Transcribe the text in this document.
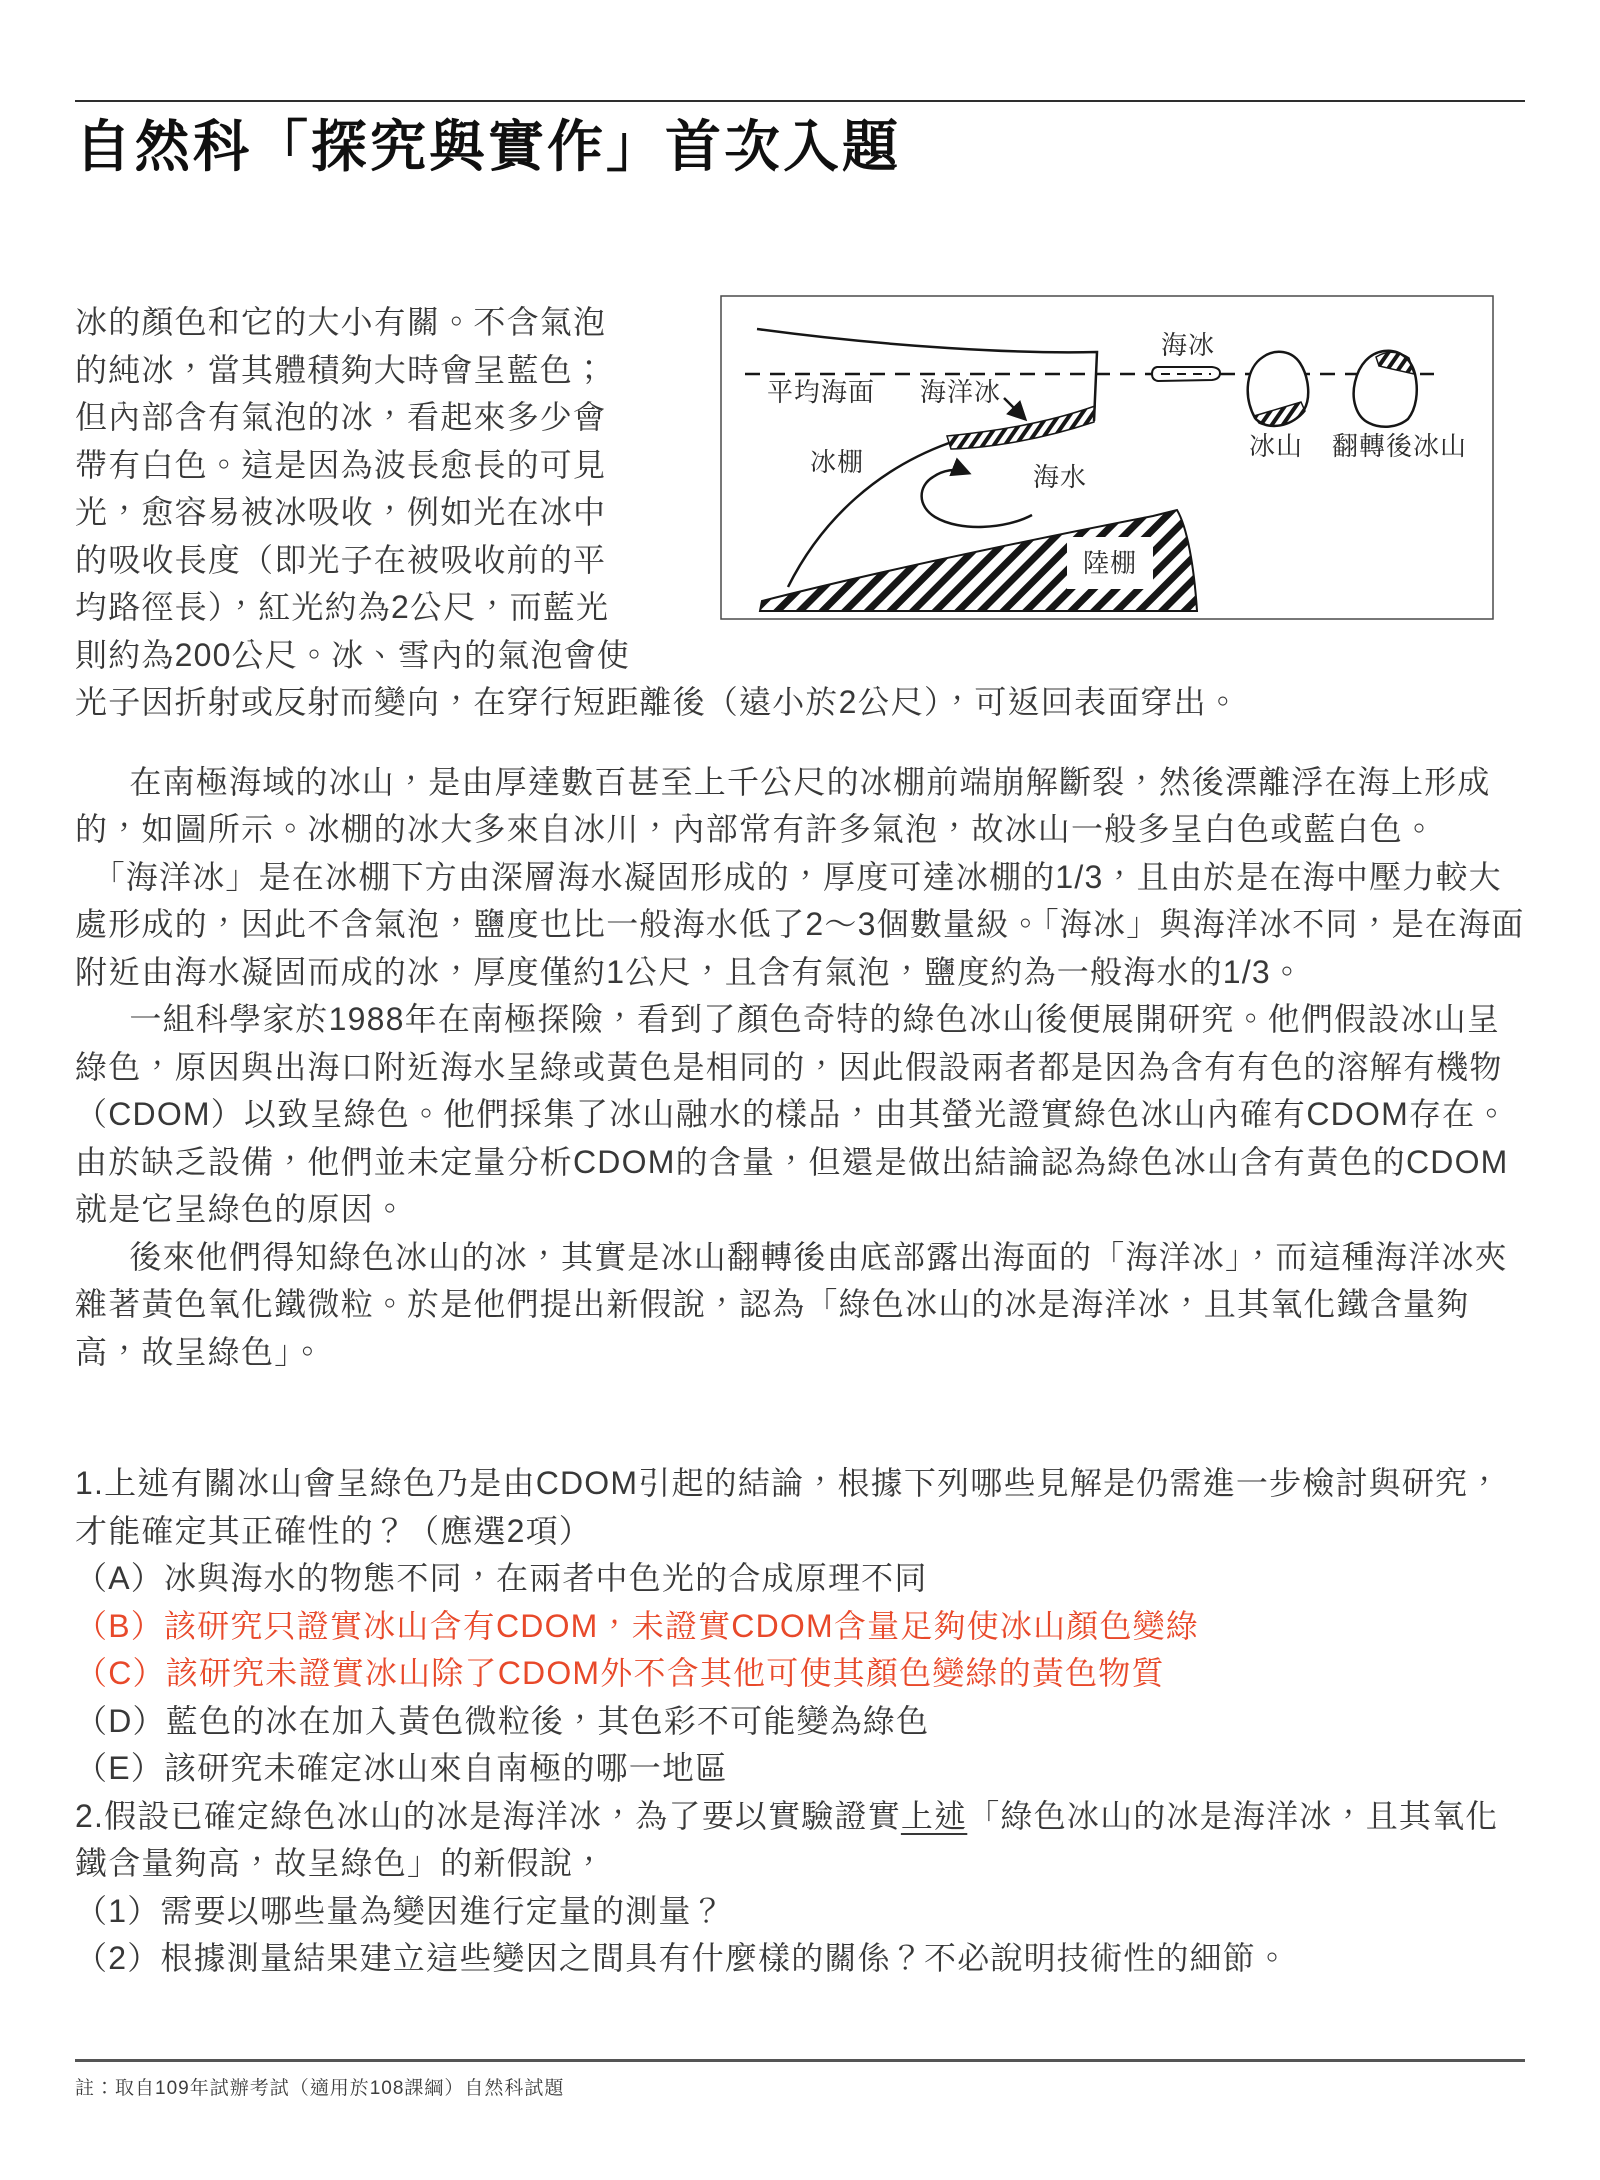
自然科「探究與實作」首次入題

平均海面 海洋冰
冰棚	海水
海冰
冰山 翻轉後冰山
陸棚
冰的顏色和它的大小有關。不含氣泡的純冰，當其體積夠大時會呈藍色；但內部含有氣泡的冰，看起來多少會帶有白色。這是因為波長愈長的可見光，愈容易被冰吸收，例如光在冰中的吸收長度（即光子在被吸收前的平均路徑長），紅光約為2公尺，而藍光則約為200公尺。冰、雪內的氣泡會使光子因折射或反射而變向，在穿行短距離後（遠小於2公尺），可返回表面穿出。

在南極海域的冰山，是由厚達數百甚至上千公尺的冰棚前端崩解斷裂，然後漂離浮在海上形成的，如圖所示。冰棚的冰大多來自冰川，內部常有許多氣泡，故冰山一般多呈白色或藍白色。

「海洋冰」是在冰棚下方由深層海水凝固形成的，厚度可達冰棚的1/3，且由於是在海中壓力較大處形成的，因此不含氣泡，鹽度也比一般海水低了2～3個數量級。「海冰」與海洋冰不同，是在海面附近由海水凝固而成的冰，厚度僅約1公尺，且含有氣泡，鹽度約為一般海水的1/3。

一組科學家於1988年在南極探險，看到了顏色奇特的綠色冰山後便展開研究。他們假設冰山呈綠色，原因與出海口附近海水呈綠或黃色是相同的，因此假設兩者都是因為含有有色的溶解有機物（CDOM）以致呈綠色。他們採集了冰山融水的樣品，由其螢光證實綠色冰山內確有CDOM存在。由於缺乏設備，他們並未定量分析CDOM的含量，但還是做出結論認為綠色冰山含有黃色的CDOM就是它呈綠色的原因。

後來他們得知綠色冰山的冰，其實是冰山翻轉後由底部露出海面的「海洋冰」，而這種海洋冰夾雜著黃色氧化鐵微粒。於是他們提出新假說，認為「綠色冰山的冰是海洋冰，且其氧化鐵含量夠高，故呈綠色」。

1.上述有關冰山會呈綠色乃是由CDOM引起的結論，根據下列哪些見解是仍需進一步檢討與研究，才能確定其正確性的？（應選2項）

（A）冰與海水的物態不同，在兩者中色光的合成原理不同

（B）該研究只證實冰山含有CDOM，未證實CDOM含量足夠使冰山顏色變綠

（C）該研究未證實冰山除了CDOM外不含其他可使其顏色變綠的黃色物質

（D）藍色的冰在加入黃色微粒後，其色彩不可能變為綠色

（E）該研究未確定冰山來自南極的哪一地區

2.假設已確定綠色冰山的冰是海洋冰，為了要以實驗證實上述「綠色冰山的冰是海洋冰，且其氧化鐵含量夠高，故呈綠色」的新假說，

（1）需要以哪些量為變因進行定量的測量？

（2）根據測量結果建立這些變因之間具有什麼樣的關係？不必說明技術性的細節。

註：取自109年試辦考試（適用於108課綱）自然科試題
